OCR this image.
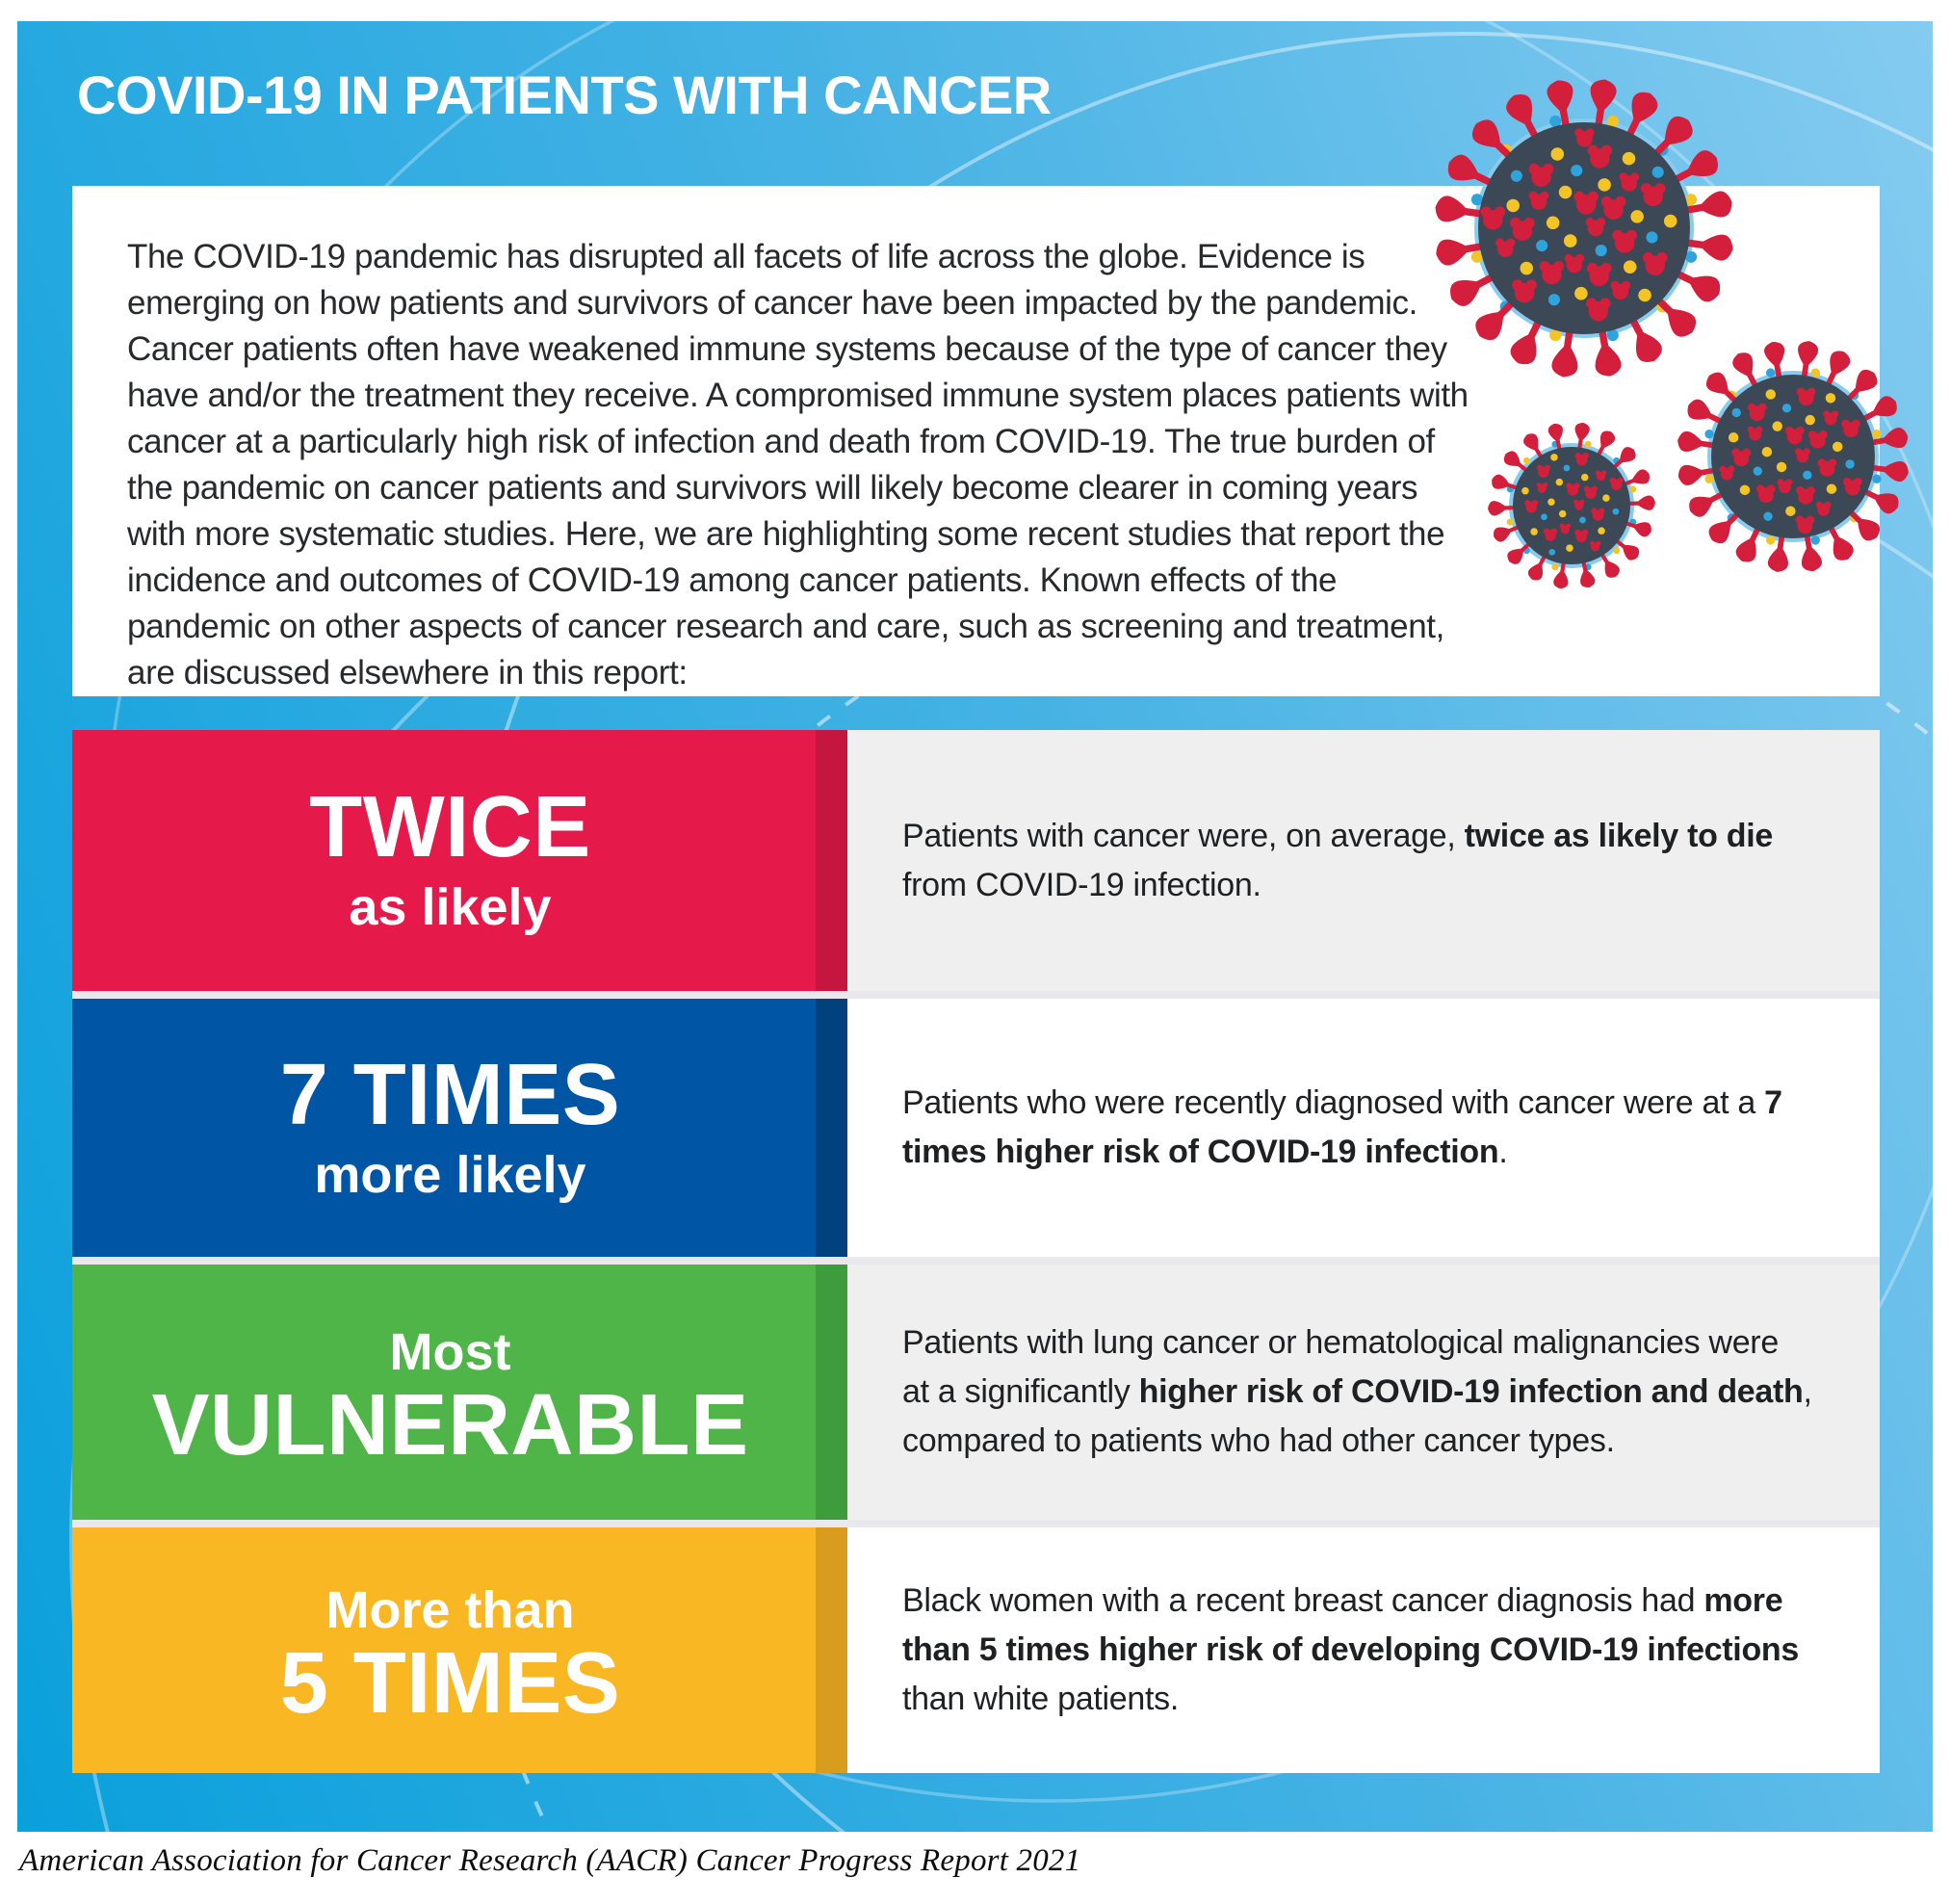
COVID-19 IN PATIENTS WITH CANCER

The COVID-19 pandemic has disrupted all facets of life across the globe. Evidence is emerging on how patients and survivors of cancer have been impacted by the pandemic. Cancer patients often have weakened immune systems because of the type of cancer they have and/or the treatment they receive. A compromised immune system places patients with cancer at a particularly high risk of infection and death from COVID-19. The true burden of the pandemic on cancer patients and survivors will likely become clearer in coming years with more systematic studies. Here, we are highlighting some recent studies that report the incidence and outcomes of COVID-19 among cancer patients. Known effects of the pandemic on other aspects of cancer research and care, such as screening and treatment, are discussed elsewhere in this report:

TWICE
as likely

Patients with cancer were, on average, twice as likely to die from COVID-19 infection.

7 TIMES
more likely

Patients who were recently diagnosed with cancer were at a 7 times higher risk of COVID-19 infection.

Most
VULNERABLE

Patients with lung cancer or hematological malignancies were at a significantly higher risk of COVID-19 infection and death, compared to patients who had other cancer types.

More than
5 TIMES

Black women with a recent breast cancer diagnosis had more than 5 times higher risk of developing COVID-19 infections than white patients.

American Association for Cancer Research (AACR) Cancer Progress Report 2021
